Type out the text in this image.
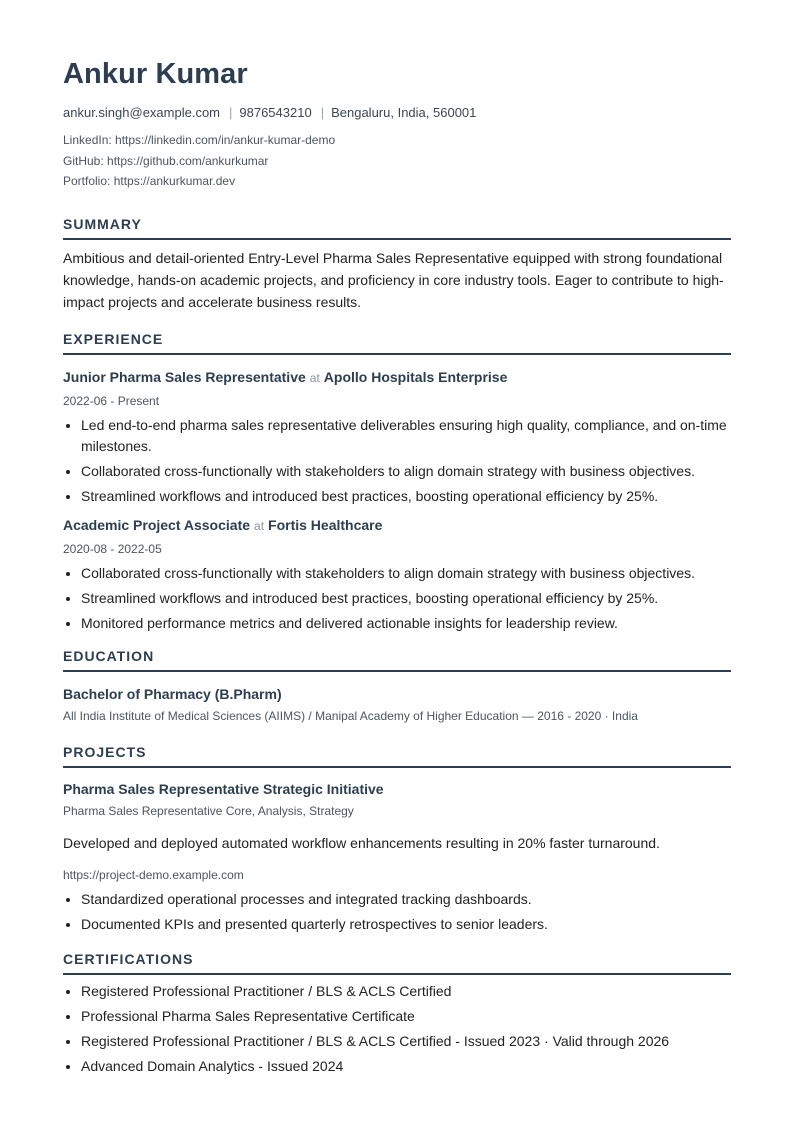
Ankur Kumar
ankur.singh@example.com | 9876543210 | Bengaluru, India, 560001
LinkedIn: https://linkedin.com/in/ankur-kumar-demo
GitHub: https://github.com/ankurkumar
Portfolio: https://ankurkumar.dev
SUMMARY
Ambitious and detail-oriented Entry-Level Pharma Sales Representative equipped with strong foundational knowledge, hands-on academic projects, and proficiency in core industry tools. Eager to contribute to high-impact projects and accelerate business results.
EXPERIENCE
Junior Pharma Sales Representative at Apollo Hospitals Enterprise
2022-06 - Present
Led end-to-end pharma sales representative deliverables ensuring high quality, compliance, and on-time milestones.
Collaborated cross-functionally with stakeholders to align domain strategy with business objectives.
Streamlined workflows and introduced best practices, boosting operational efficiency by 25%.
Academic Project Associate at Fortis Healthcare
2020-08 - 2022-05
Collaborated cross-functionally with stakeholders to align domain strategy with business objectives.
Streamlined workflows and introduced best practices, boosting operational efficiency by 25%.
Monitored performance metrics and delivered actionable insights for leadership review.
EDUCATION
Bachelor of Pharmacy (B.Pharm)
All India Institute of Medical Sciences (AIIMS) / Manipal Academy of Higher Education — 2016 - 2020 · India
PROJECTS
Pharma Sales Representative Strategic Initiative
Pharma Sales Representative Core, Analysis, Strategy
Developed and deployed automated workflow enhancements resulting in 20% faster turnaround.
https://project-demo.example.com
Standardized operational processes and integrated tracking dashboards.
Documented KPIs and presented quarterly retrospectives to senior leaders.
CERTIFICATIONS
Registered Professional Practitioner / BLS & ACLS Certified
Professional Pharma Sales Representative Certificate
Registered Professional Practitioner / BLS & ACLS Certified - Issued 2023 · Valid through 2026
Advanced Domain Analytics - Issued 2024
